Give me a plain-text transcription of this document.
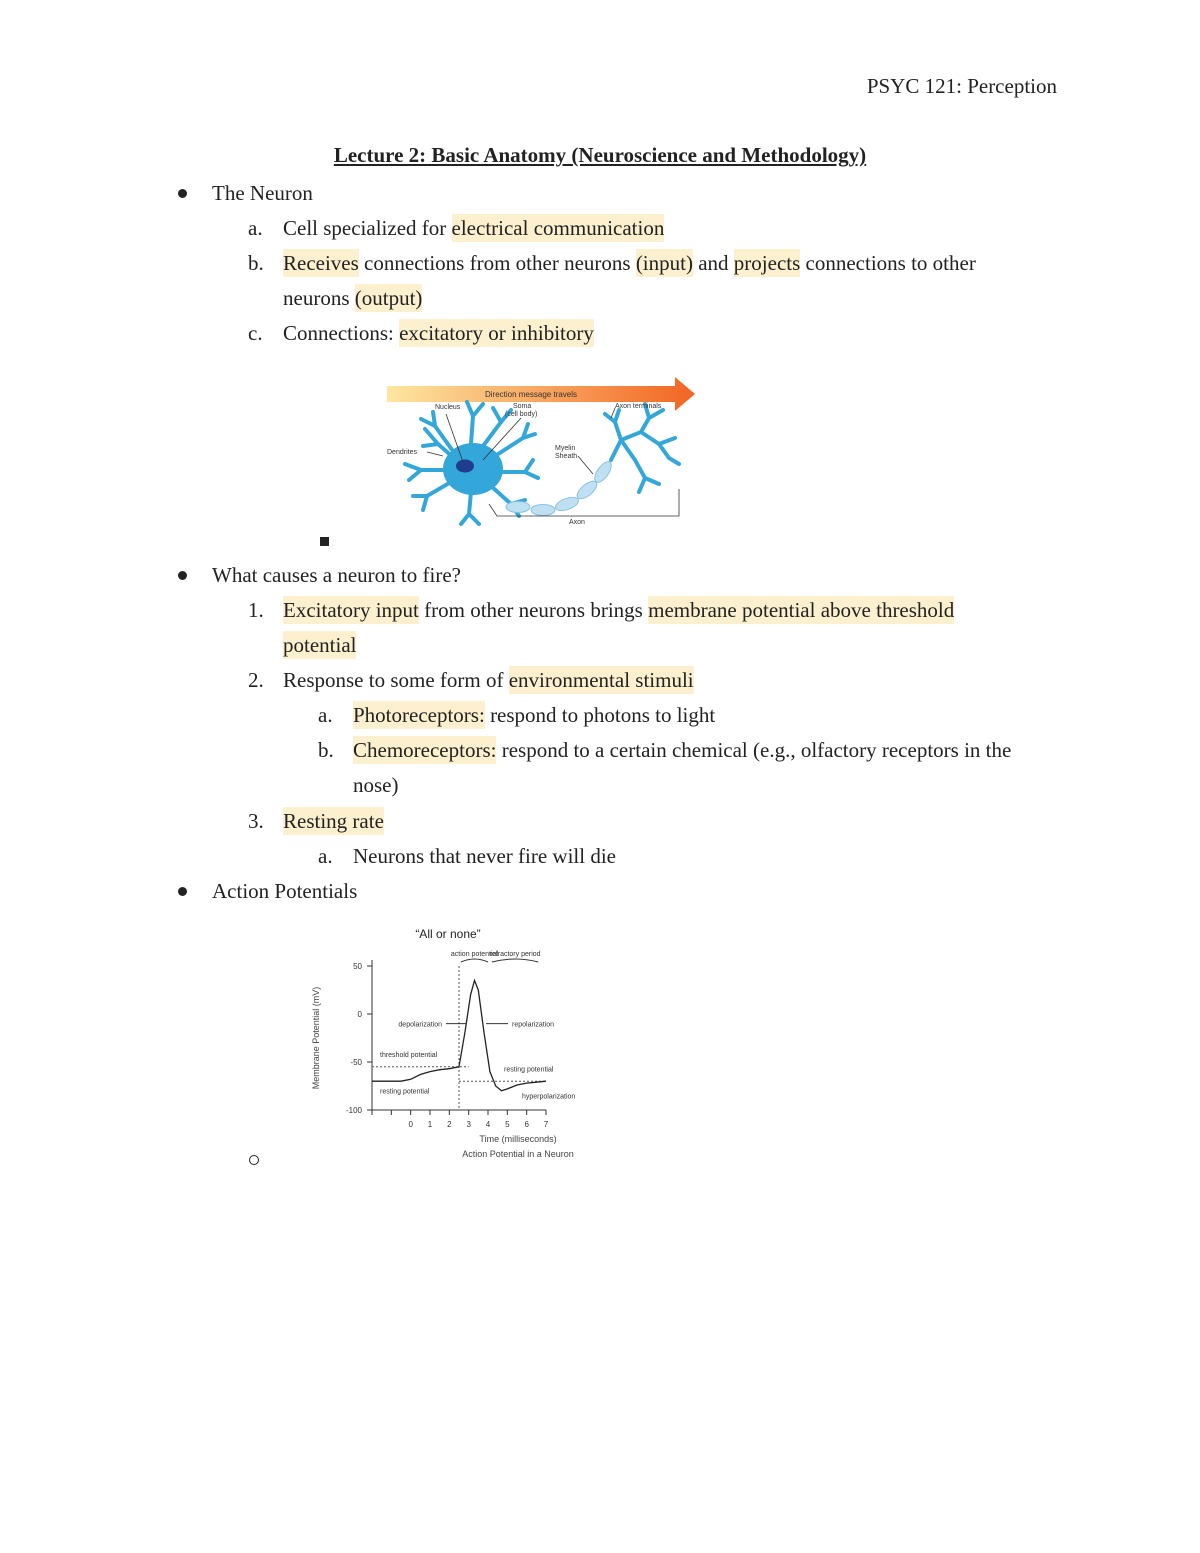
PSYC 121: Perception
Lecture 2: Basic Anatomy (Neuroscience and Methodology)
The Neuron
a. Cell specialized for electrical communication
b. Receives connections from other neurons (input) and projects connections to other
neurons (output)
c. Connections: excitatory or inhibitory
Direction message travels
Nucleus	Soma
(cell body)
Axon terminals
Dendrites
Myelin
Sheath
Axon
What causes a neuron to fire?
1. Excitatory input from other neurons brings membrane potential above threshold
potential
2. Response to some form of environmental stimuli
a. Photoreceptors: respond to photons to light
b. Chemoreceptors: respond to a certain chemical (e.g., olfactory receptors in the
nose)
3. Resting rate
a. Neurons that never fire will die
Action Potentials
“All or none”
Action Potential in a Neuron
Time (milliseconds)
Membrane Potential (mV)
50
0
-50
-100
0 1 2 3 4 5 6 7
threshold potential
resting potential
depolarization	repolarization
resting potential
hyperpolarization
action potential
refractory period
